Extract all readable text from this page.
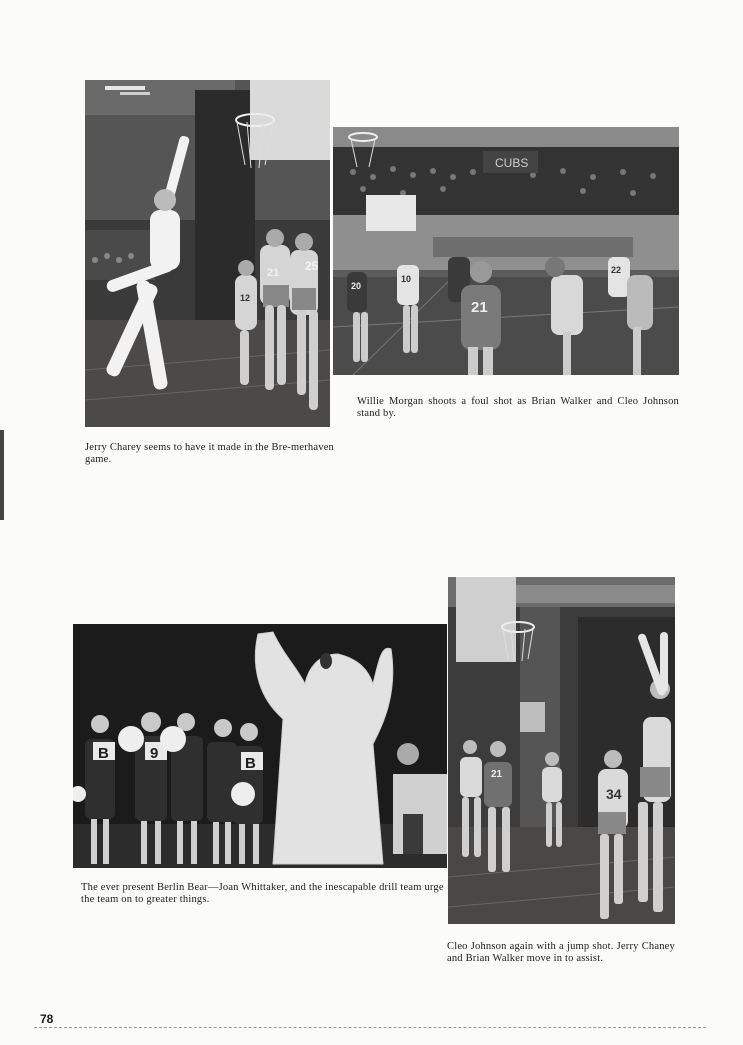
25
21
12
Jerry Charey seems to have it made in the Bre-merhaven game.
CUBS
20
10
21
22
Willie Morgan shoots a foul shot as Brian Walker and Cleo Johnson stand by.
B	9
B
The ever present Berlin Bear—Joan Whittaker, and the inescapable drill team urge the team on to greater things.
21
34
Cleo Johnson again with a jump shot. Jerry Chaney and Brian Walker move in to assist.
78
